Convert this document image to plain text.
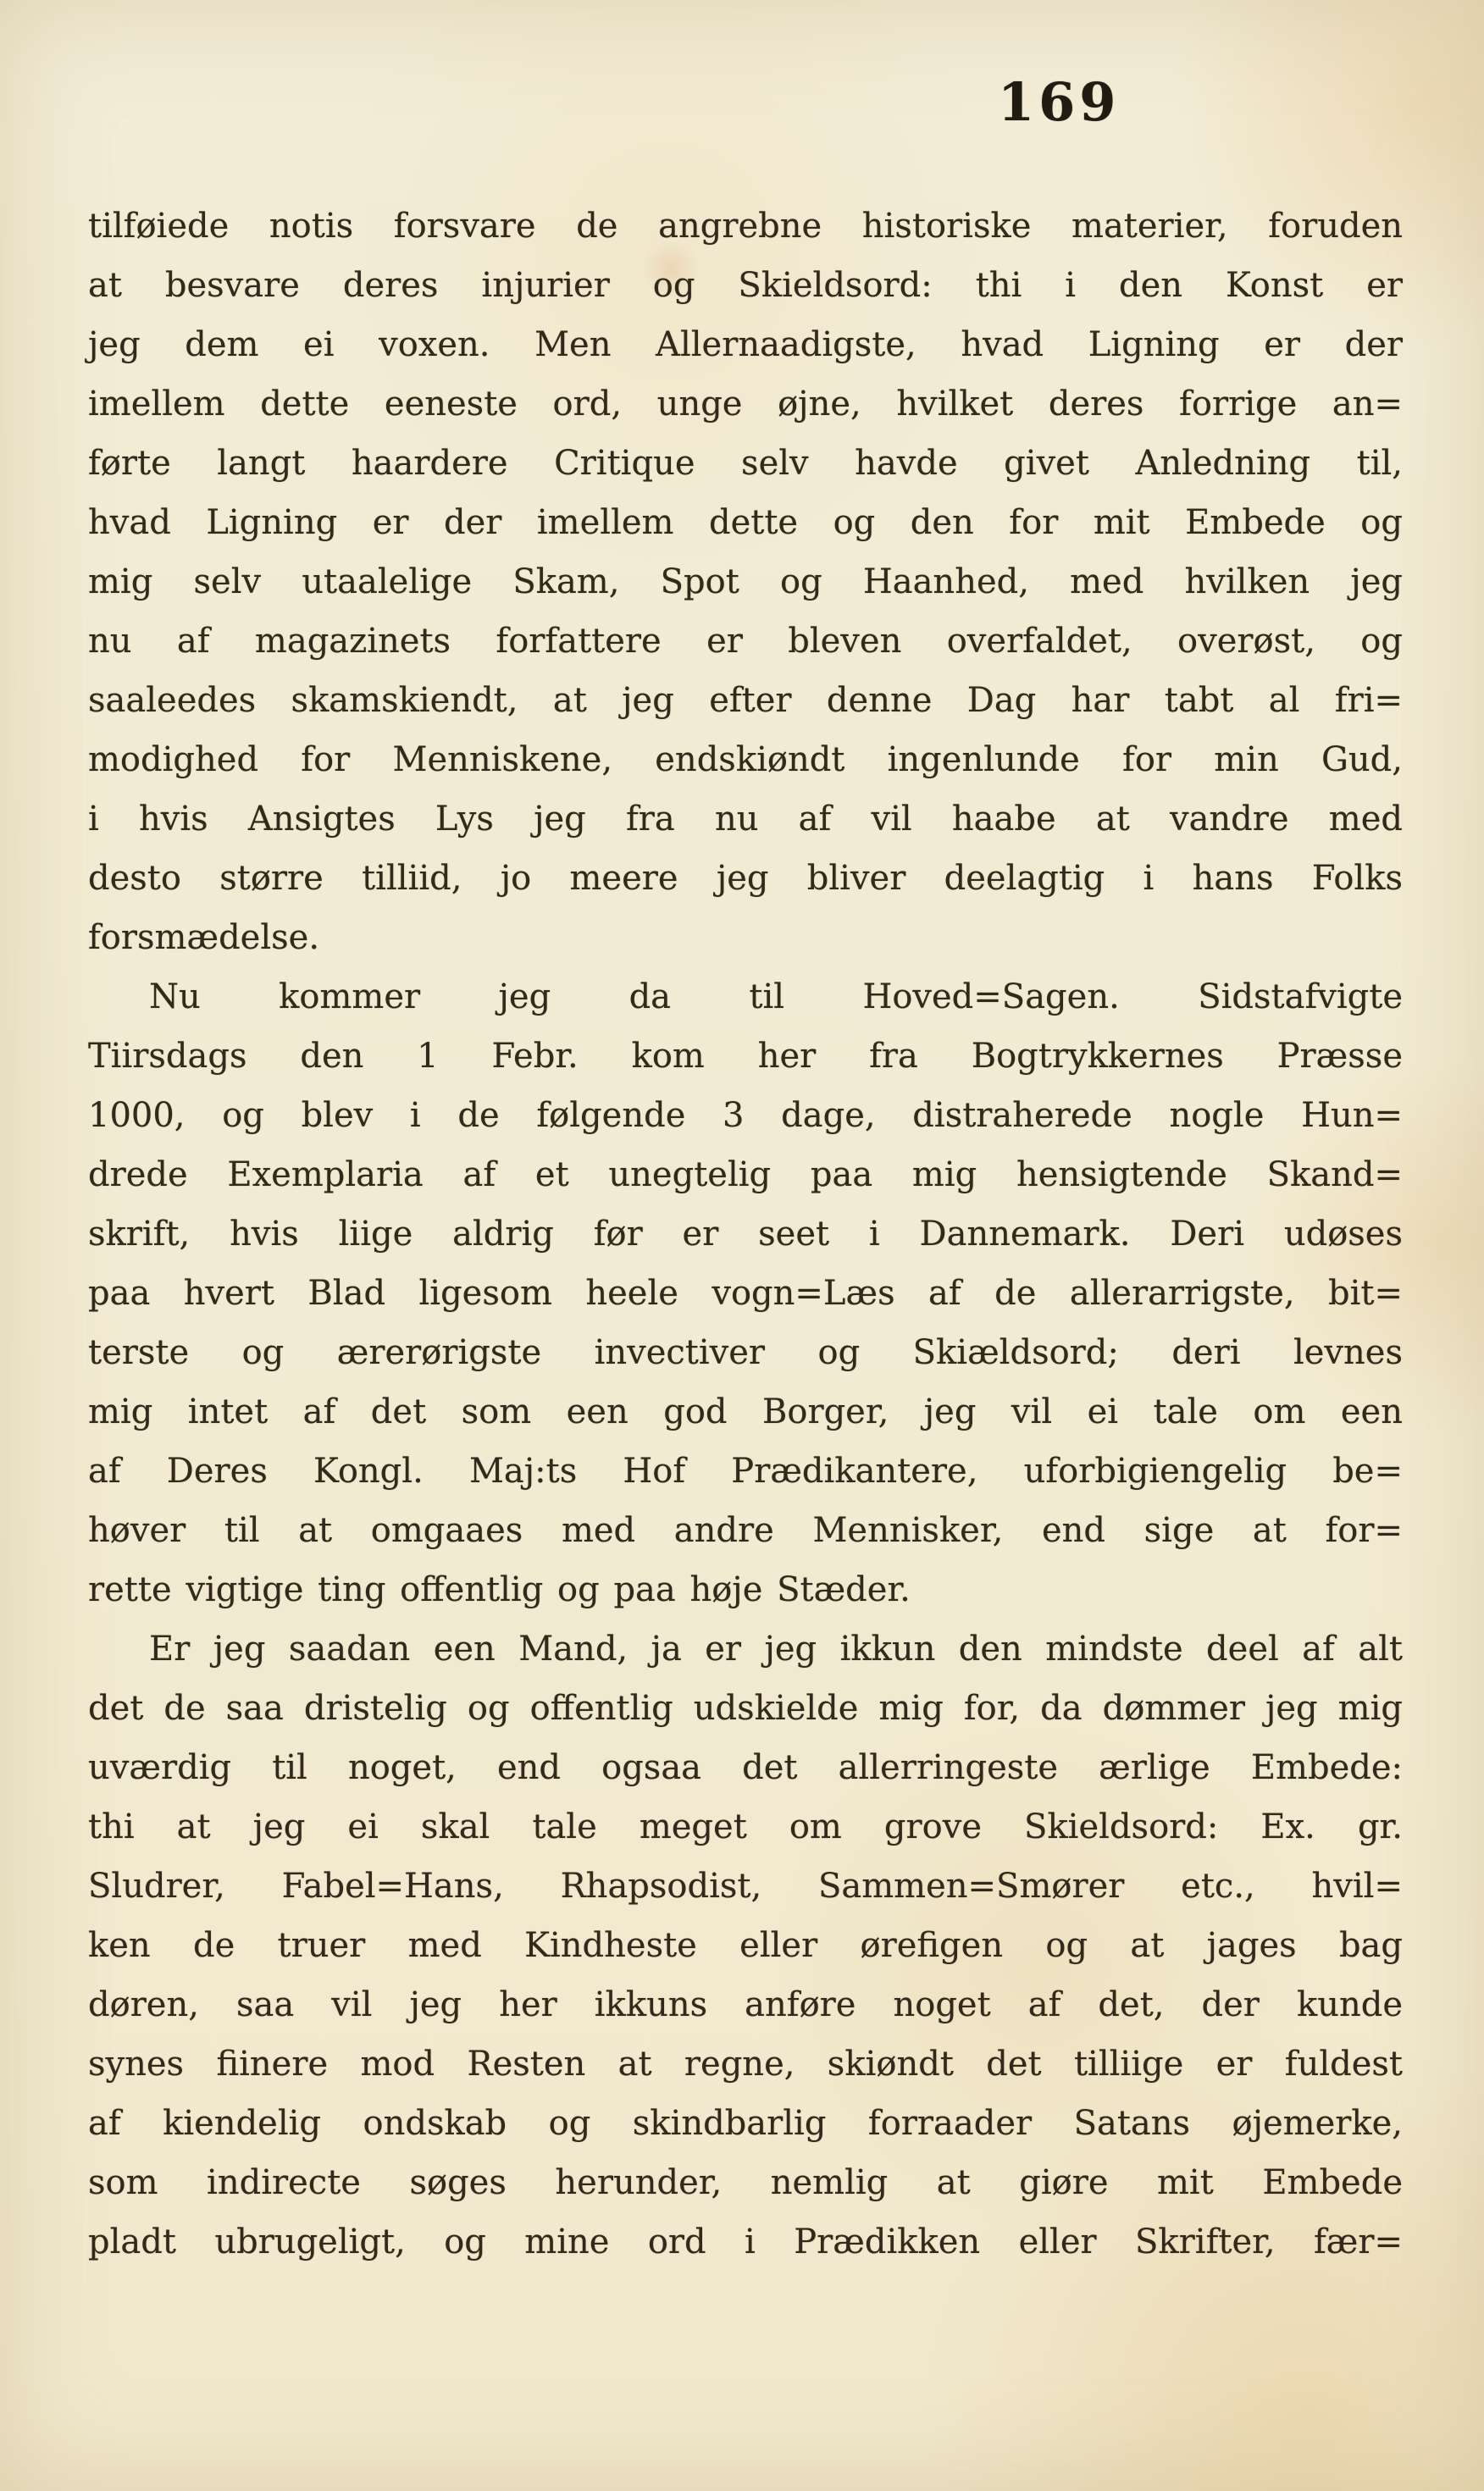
169
tilføiede notis forsvare de angrebne historiske materier, foruden
at besvare deres injurier og Skieldsord: thi i den Konst er
jeg dem ei voxen. Men Allernaadigste, hvad Ligning er der
imellem dette eeneste ord, unge øjne, hvilket deres forrige an=
førte langt haardere Critique selv havde givet Anledning til,
hvad Ligning er der imellem dette og den for mit Embede og
mig selv utaalelige Skam, Spot og Haanhed, med hvilken jeg
nu af magazinets forfattere er bleven overfaldet, overøst, og
saaleedes skamskiendt, at jeg efter denne Dag har tabt al fri=
modighed for Menniskene, endskiøndt ingenlunde for min Gud,
i hvis Ansigtes Lys jeg fra nu af vil haabe at vandre med
desto større tilliid, jo meere jeg bliver deelagtig i hans Folks
forsmædelse.
Nu kommer jeg da til Hoved=Sagen. Sidstafvigte
Tiirsdags den 1 Febr. kom her fra Bogtrykkernes Præsse
1000, og blev i de følgende 3 dage, distraherede nogle Hun=
drede Exemplaria af et unegtelig paa mig hensigtende Skand=
skrift, hvis liige aldrig før er seet i Dannemark. Deri udøses
paa hvert Blad ligesom heele vogn=Læs af de allerarrigste, bit=
terste og ærerørigste invectiver og Skiældsord; deri levnes
mig intet af det som een god Borger, jeg vil ei tale om een
af Deres Kongl. Maj:ts Hof Prædikantere, uforbigiengelig be=
høver til at omgaaes med andre Mennisker, end sige at for=
rette vigtige ting offentlig og paa høje Stæder.
Er jeg saadan een Mand, ja er jeg ikkun den mindste deel af alt
det de saa dristelig og offentlig udskielde mig for, da dømmer jeg mig
uværdig til noget, end ogsaa det allerringeste ærlige Embede:
thi at jeg ei skal tale meget om grove Skieldsord: Ex. gr.
Sludrer, Fabel=Hans, Rhapsodist, Sammen=Smører etc., hvil=
ken de truer med Kindheste eller ørefigen og at jages bag
døren, saa vil jeg her ikkuns anføre noget af det, der kunde
synes fiinere mod Resten at regne, skiøndt det tilliige er fuldest
af kiendelig ondskab og skindbarlig forraader Satans øjemerke,
som indirecte søges herunder, nemlig at giøre mit Embede
pladt ubrugeligt, og mine ord i Prædikken eller Skrifter, fær=
